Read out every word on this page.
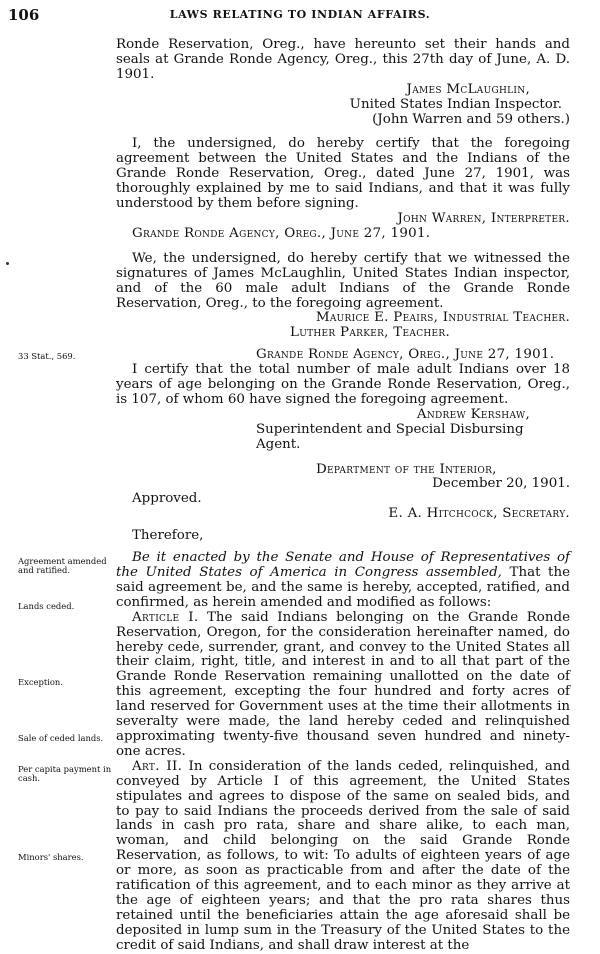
106	LAWS RELATING TO INDIAN AFFAIRS.
33 Stat., 569.
Agreement amended and ratified.
Lands ceded.
Exception.
Sale of ceded lands.
Per capita payment in cash.
Minors' shares.

Ronde Reservation, Oreg., have hereunto set their hands and seals at Grande Ronde Agency, Oreg., this 27th day of June, A. D. 1901.

James McLaughlin,
United States Indian Inspector.
(John Warren and 59 others.)

I, the undersigned, do hereby certify that the foregoing agreement between the United States and the Indians of the Grande Ronde Reservation, Oreg., dated June 27, 1901, was thoroughly explained by me to said Indians, and that it was fully understood by them before signing.

John Warren, Interpreter.

Grande Ronde Agency, Oreg., June 27, 1901.

We, the undersigned, do hereby certify that we witnessed the signatures of James McLaughlin, United States Indian inspector, and of the 60 male adult Indians of the Grande Ronde Reservation, Oreg., to the foregoing agreement.

Maurice E. Peairs, Industrial Teacher.
Luther Parker, Teacher.
Grande Ronde Agency, Oreg., June 27, 1901.

I certify that the total number of male adult Indians over 18 years of age belonging on the Grande Ronde Reservation, Oreg., is 107, of whom 60 have signed the foregoing agreement.

Andrew Kershaw,
Superintendent and Special Disbursing Agent.
Department of the Interior,
December 20, 1901.
Approved.
E. A. Hitchcock, Secretary.
Therefore,

Be it enacted by the Senate and House of Representatives of the United States of America in Congress assembled, That the said agreement be, and the same is hereby, accepted, ratified, and confirmed, as herein amended and modified as follows:

Article I. The said Indians belonging on the Grande Ronde Reservation, Oregon, for the consideration hereinafter named, do hereby cede, surrender, grant, and convey to the United States all their claim, right, title, and interest in and to all that part of the Grande Ronde Reservation remaining unallotted on the date of this agreement, excepting the four hundred and forty acres of land reserved for Government uses at the time their allotments in severalty were made, the land hereby ceded and relinquished approximating twenty-five thousand seven hundred and ninety-one acres.

Art. II. In consideration of the lands ceded, relinquished, and conveyed by Article I of this agreement, the United States stipulates and agrees to dispose of the same on sealed bids, and to pay to said Indians the proceeds derived from the sale of said lands in cash pro rata, share and share alike, to each man, woman, and child belonging on the said Grande Ronde Reservation, as follows, to wit: To adults of eighteen years of age or more, as soon as practicable from and after the date of the ratification of this agreement, and to each minor as they arrive at the age of eighteen years; and that the pro rata shares thus retained until the beneficiaries attain the age aforesaid shall be deposited in lump sum in the Treasury of the United States to the credit of said Indians, and shall draw interest at the
